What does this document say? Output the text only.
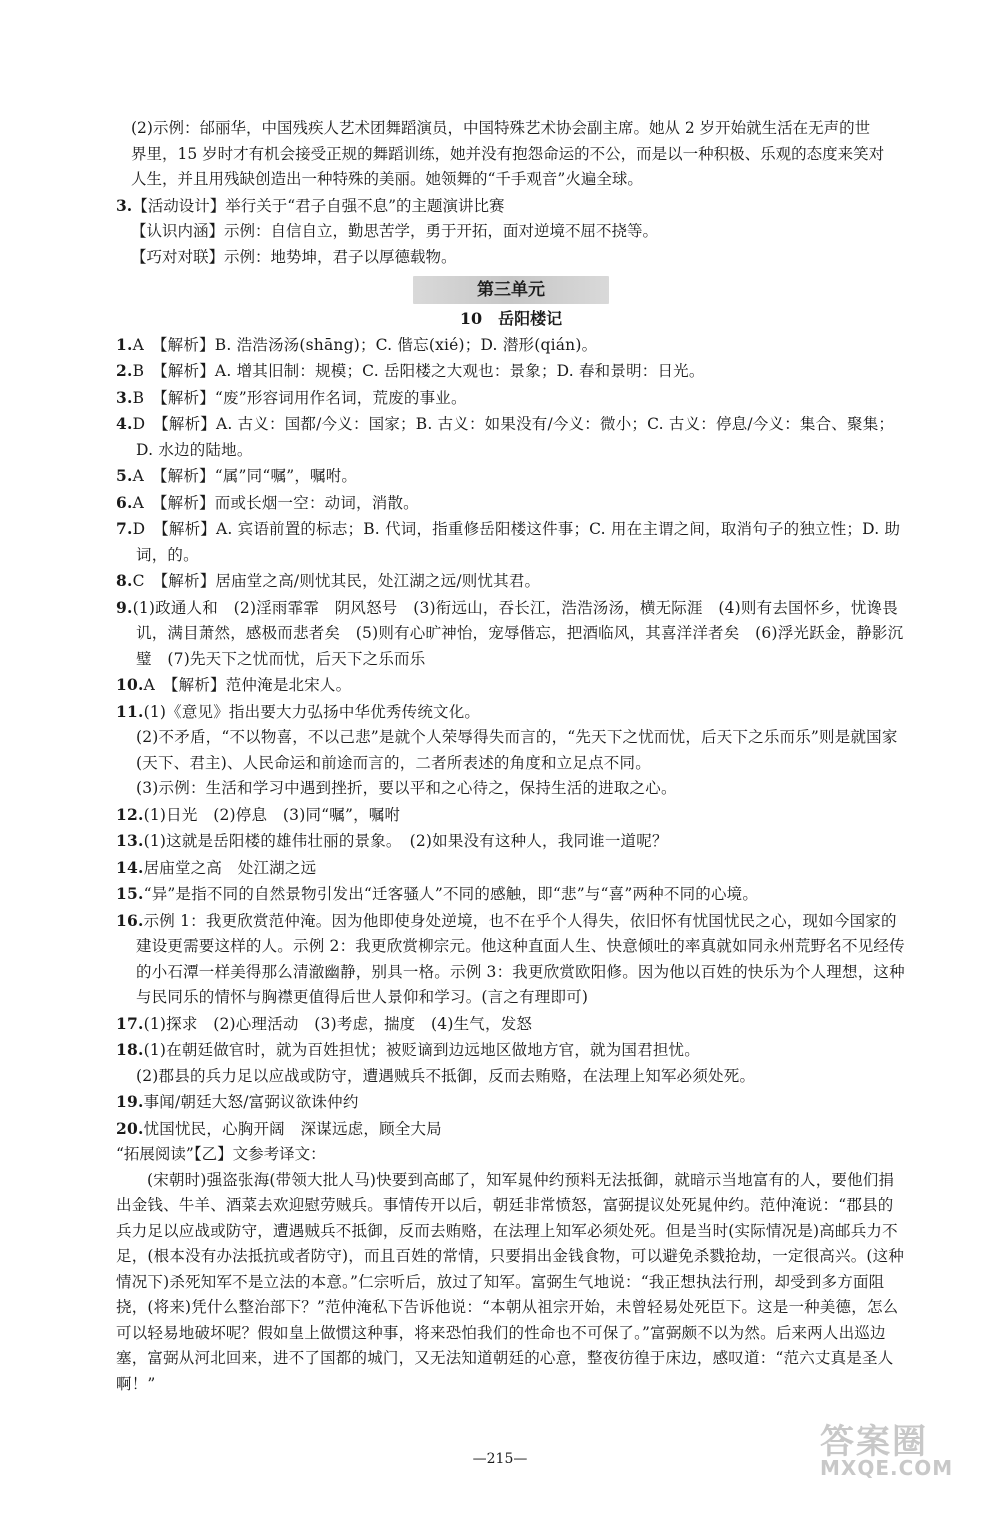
(2)示例：邰丽华，中国残疾人艺术团舞蹈演员，中国特殊艺术协会副主席。她从 2 岁开始就生活在无声的世
界里，15 岁时才有机会接受正规的舞蹈训练，她并没有抱怨命运的不公，而是以一种积极、乐观的态度来笑对
人生，并且用残缺创造出一种特殊的美丽。她领舞的“千手观音”火遍全球。
3.【活动设计】举行关于“君子自强不息”的主题演讲比赛
【认识内涵】示例：自信自立，勤思苦学，勇于开拓，面对逆境不屈不挠等。
【巧对对联】示例：地势坤，君子以厚德载物。
第三单元
10　岳阳楼记
1.A　【解析】B. 浩浩汤汤(shāng)；C. 偕忘(xié)；D. 潜形(qián)。
2.B　【解析】A. 增其旧制：规模；C. 岳阳楼之大观也：景象；D. 春和景明：日光。
3.B　【解析】“废”形容词用作名词，荒废的事业。
4.D　【解析】A. 古义：国都/今义：国家；B. 古义：如果没有/今义：微小；C. 古义：停息/今义：集合、聚集；D. 水边的陆地。
5.A　【解析】“属”同“嘱”，嘱咐。
6.A　【解析】而或长烟一空：动词，消散。
7.D　【解析】A. 宾语前置的标志；B. 代词，指重修岳阳楼这件事；C. 用在主谓之间，取消句子的独立性；D. 助词，的。
8.C　【解析】居庙堂之高/则忧其民，处江湖之远/则忧其君。
9.(1)政通人和　(2)淫雨霏霏　阴风怒号　(3)衔远山，吞长江，浩浩汤汤，横无际涯　(4)则有去国怀乡，忧谗畏讥，满目萧然，感极而悲者矣　(5)则有心旷神怡，宠辱偕忘，把酒临风，其喜洋洋者矣　(6)浮光跃金，静影沉璧　(7)先天下之忧而忧，后天下之乐而乐
10.A　【解析】范仲淹是北宋人。
11.(1)《意见》指出要大力弘扬中华优秀传统文化。
(2)不矛盾，“不以物喜，不以己悲”是就个人荣辱得失而言的，“先天下之忧而忧，后天下之乐而乐”则是就国家(天下、君主)、人民命运和前途而言的，二者所表述的角度和立足点不同。
(3)示例：生活和学习中遇到挫折，要以平和之心待之，保持生活的进取之心。
12.(1)日光　(2)停息　(3)同“嘱”，嘱咐
13.(1)这就是岳阳楼的雄伟壮丽的景象。　(2)如果没有这种人，我同谁一道呢？
14.居庙堂之高　处江湖之远
15.“异”是指不同的自然景物引发出“迁客骚人”不同的感触，即“悲”与“喜”两种不同的心境。
16.示例 1：我更欣赏范仲淹。因为他即使身处逆境，也不在乎个人得失，依旧怀有忧国忧民之心，现如今国家的建设更需要这样的人。示例 2：我更欣赏柳宗元。他这种直面人生、快意倾吐的率真就如同永州荒野名不见经传的小石潭一样美得那么清澈幽静，别具一格。示例 3：我更欣赏欧阳修。因为他以百姓的快乐为个人理想，这种与民同乐的情怀与胸襟更值得后世人景仰和学习。(言之有理即可)
17.(1)探求　(2)心理活动　(3)考虑，揣度　(4)生气，发怒
18.(1)在朝廷做官时，就为百姓担忧；被贬谪到边远地区做地方官，就为国君担忧。
(2)郡县的兵力足以应战或防守，遭遇贼兵不抵御，反而去贿赂，在法理上知军必须处死。
19.事闻/朝廷大怒/富弼议欲诛仲约
20.忧国忧民，心胸开阔　深谋远虑，顾全大局
“拓展阅读”【乙】文参考译文：
(宋朝时)强盗张海(带领大批人马)快要到高邮了，知军晁仲约预料无法抵御，就暗示当地富有的人，要他们捐出金钱、牛羊、酒菜去欢迎慰劳贼兵。事情传开以后，朝廷非常愤怒，富弼提议处死晁仲约。范仲淹说：“郡县的兵力足以应战或防守，遭遇贼兵不抵御，反而去贿赂，在法理上知军必须处死。但是当时(实际情况是)高邮兵力不足，(根本没有办法抵抗或者防守)，而且百姓的常情，只要捐出金钱食物，可以避免杀戮抢劫，一定很高兴。(这种情况下)杀死知军不是立法的本意。”仁宗听后，放过了知军。富弼生气地说：“我正想执法行刑，却受到多方面阻挠，(将来)凭什么整治部下？”范仲淹私下告诉他说：“本朝从祖宗开始，未曾轻易处死臣下。这是一种美德，怎么可以轻易地破坏呢？假如皇上做惯这种事，将来恐怕我们的性命也不可保了。”富弼颇不以为然。后来两人出巡边塞，富弼从河北回来，进不了国都的城门，又无法知道朝廷的心意，整夜彷徨于床边，感叹道：“范六丈真是圣人啊！”
—215—	答案圈
MXQE.COM
